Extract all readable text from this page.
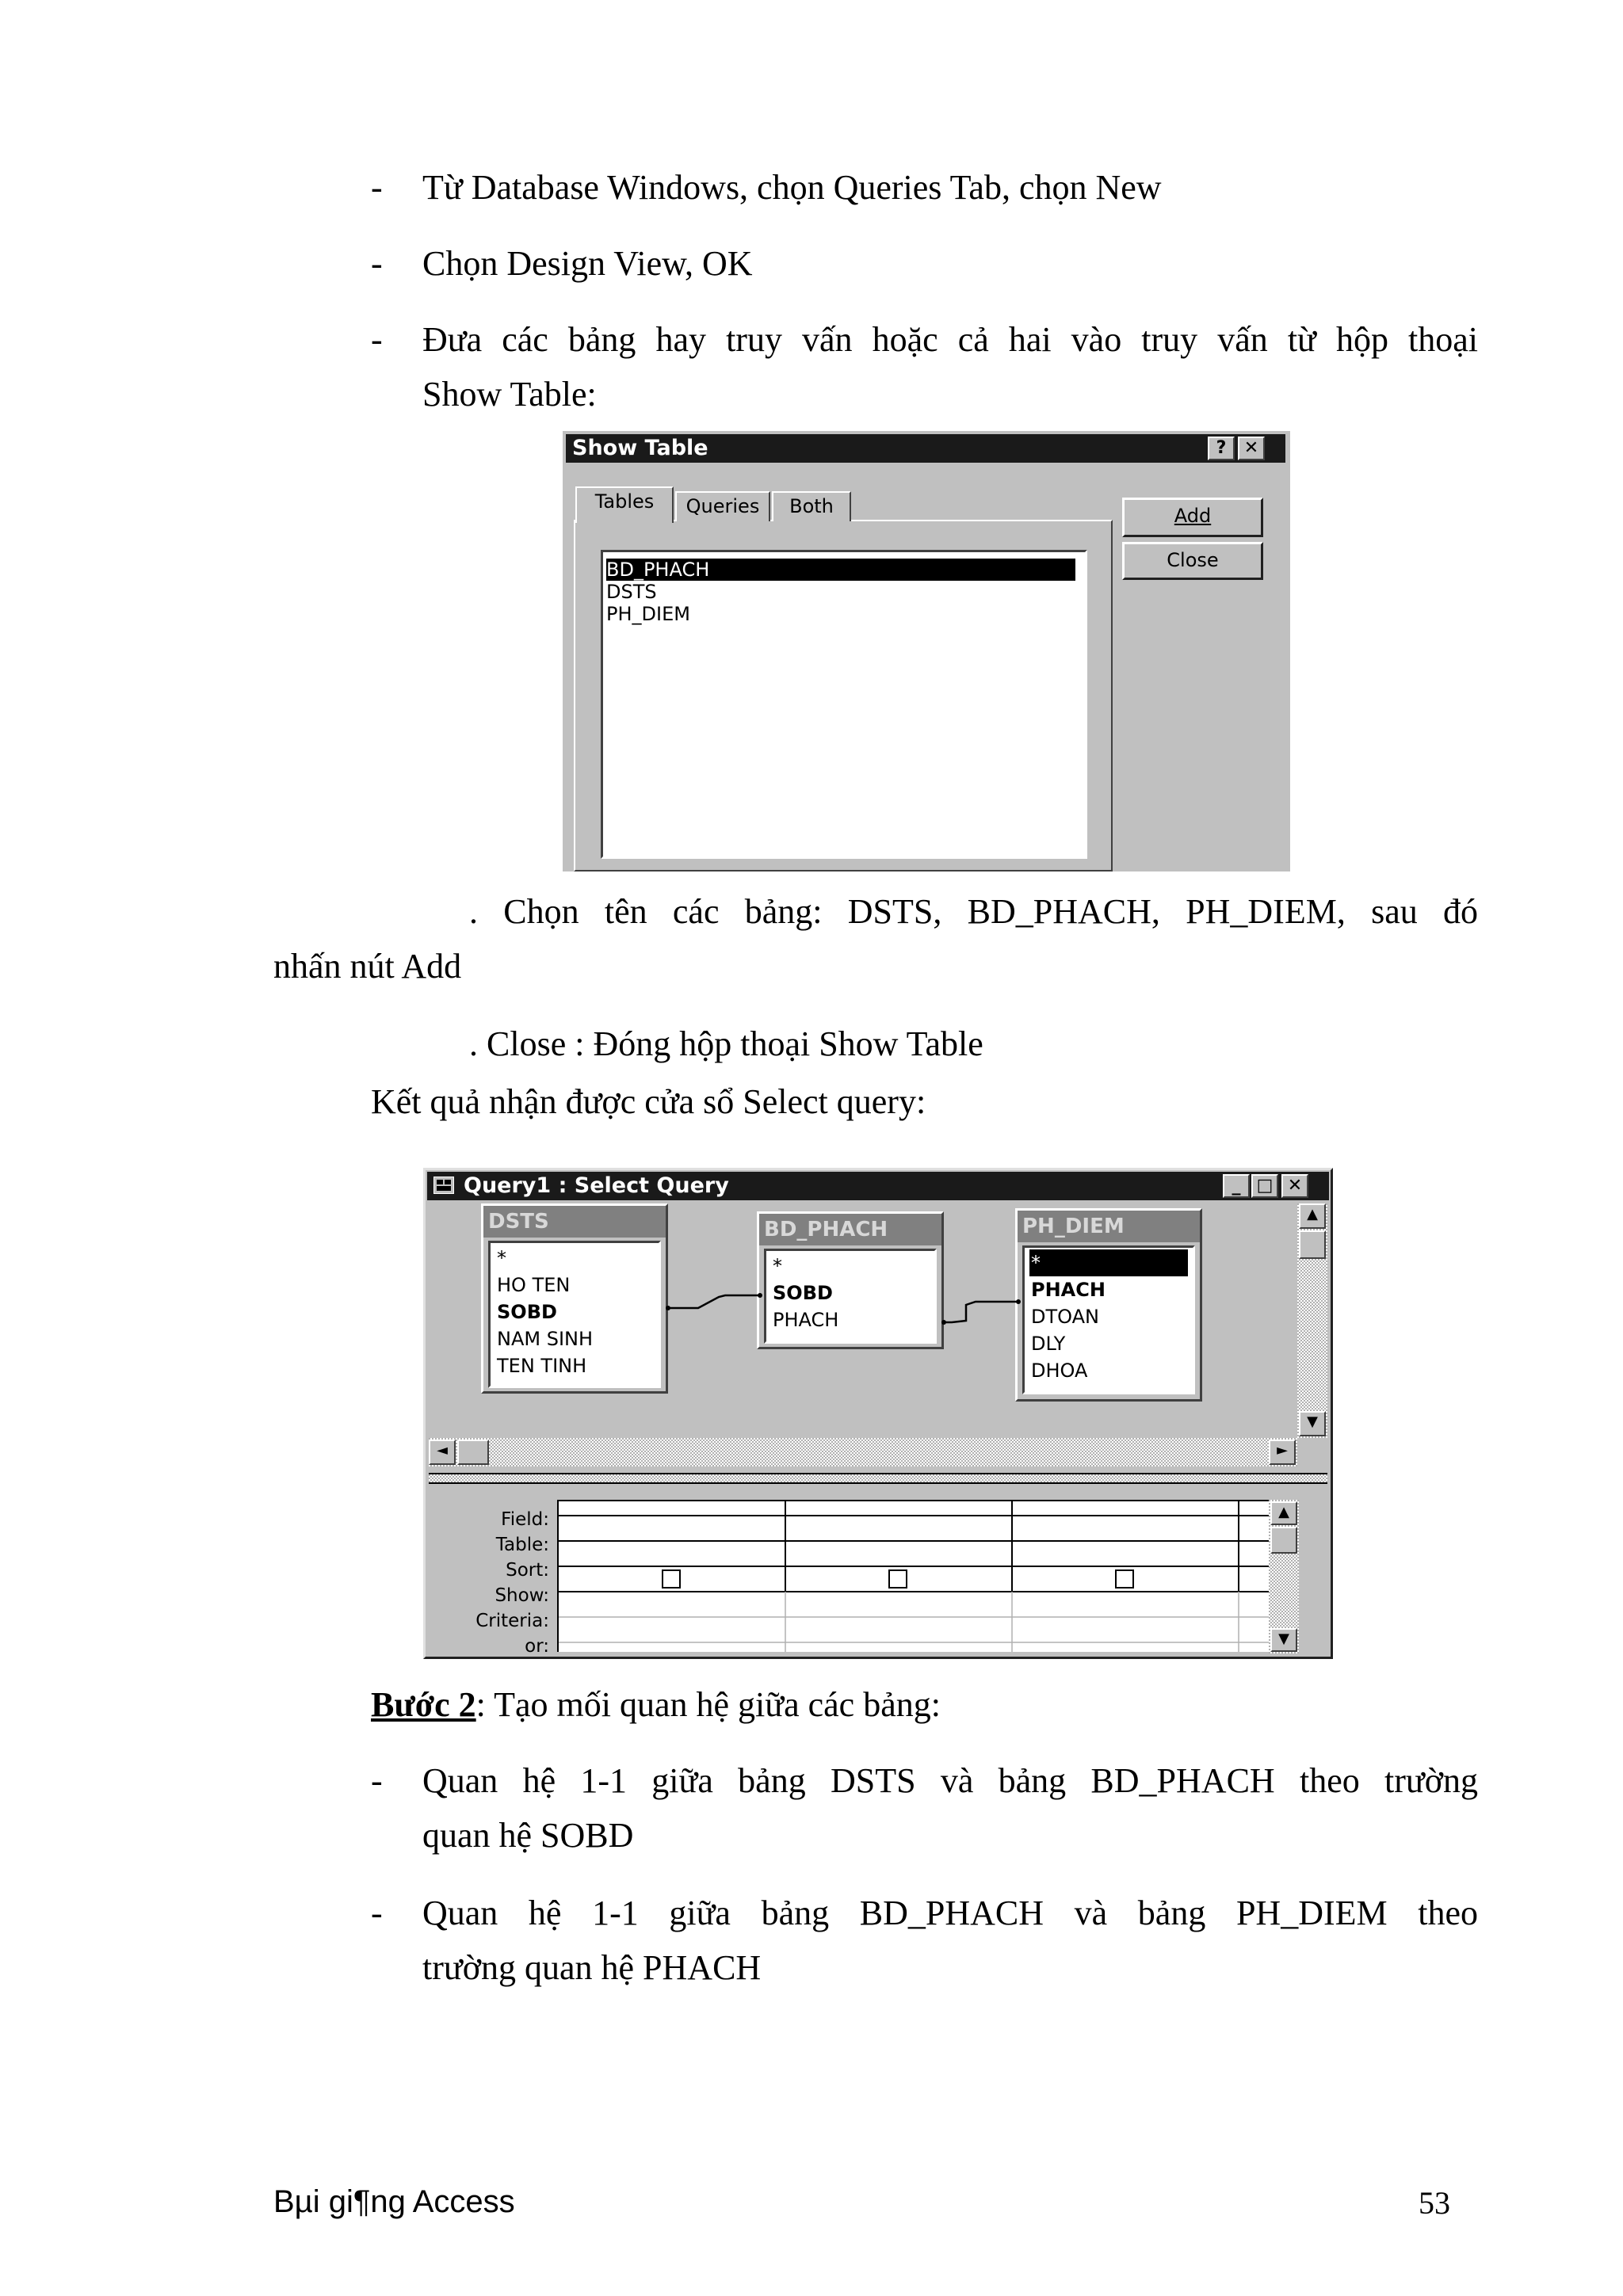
- Từ Database Windows, chọn Queries Tab, chọn New
- Chọn Design View, OK
- Đưa các bảng hay truy vấn hoặc cả hai vào truy vấn từ hộp thoại
Show Table:
Show Table	?	✕
Tables	Queries	Both
BD_PHACH
DSTS
PH_DIEM
Add
Close
. Chọn tên các bảng: DSTS, BD_PHACH, PH_DIEM, sau đó
nhấn nút Add
. Close : Đóng hộp thoại Show Table
Kết quả nhận được cửa sổ Select query:
Query1 : Select Query	_ □ ✕
DSTS
*
HO TEN
SOBD
NAM SINH
TEN TINH
BD_PHACH
*
SOBD
PHACH
PH_DIEM
*
PHACH
DTOAN
DLY
DHOA
▲
▼
◄	►
Field:
Table:
Sort:
Show:
Criteria:
or:
▲
▼
Bước 2: Tạo mối quan hệ giữa các bảng:
- Quan hệ 1-1 giữa bảng DSTS và bảng BD_PHACH theo trường
quan hệ SOBD
- Quan hệ 1-1 giữa bảng BD_PHACH và bảng PH_DIEM theo
trường quan hệ PHACH
Bµi gi¶ng Access	53
